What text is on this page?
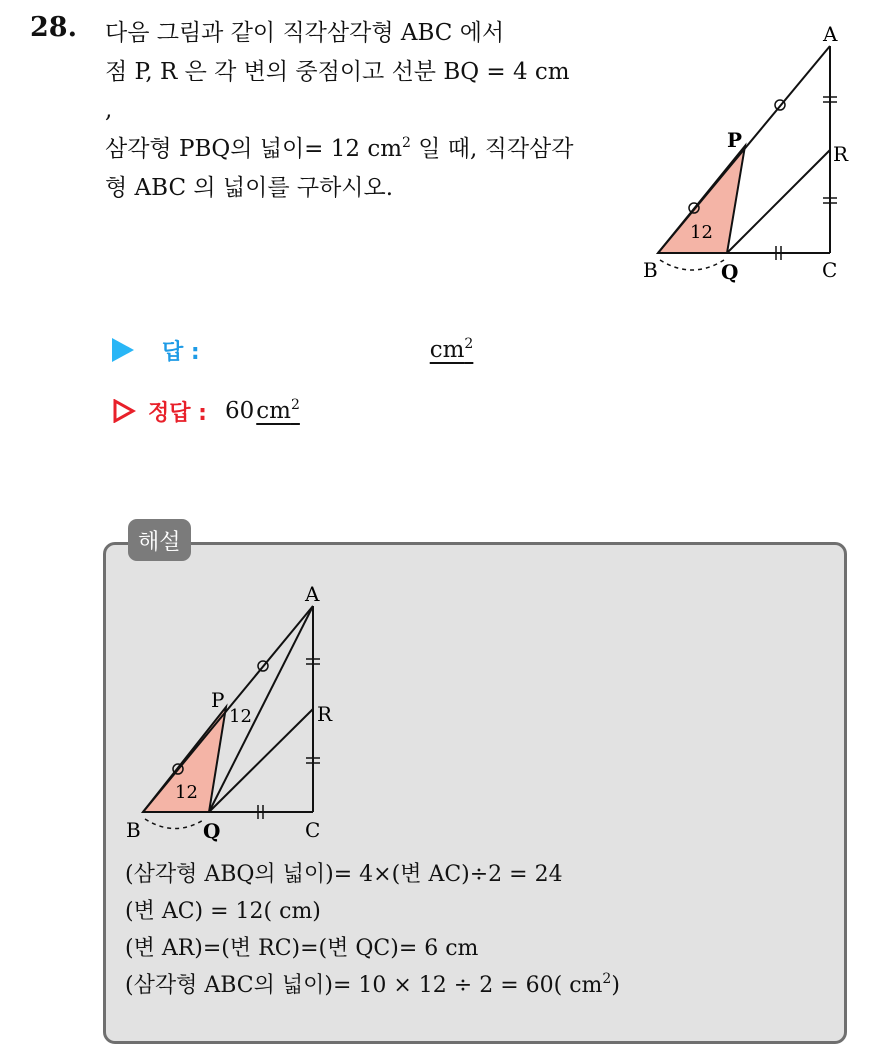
28. 다음 그림과 같이 직각삼각형 ABC 에서

점 P, R 은 각 변의 중점이고 선분 BQ = 4 cm

,

삼각형 PBQ의 넓이= 12 $cm^2$ 일 때, 직각삼각

형 ABC 의 넓이를 구하시오.

12
A
B	C
P
Q
R
답 :	$cm^2$
정답 : 60 $cm^2$
해설
12
12
A
B	C
P
Q
R
(삼각형 ABQ의 넓이)= 4×(변 AC)÷2 = 24
(변 AC) = 12( cm)
(변 AR)=(변 RC)=(변 QC)= 6 cm
(삼각형 ABC의 넓이)= 10 × 12 ÷ 2 = 60( $cm^2$)
